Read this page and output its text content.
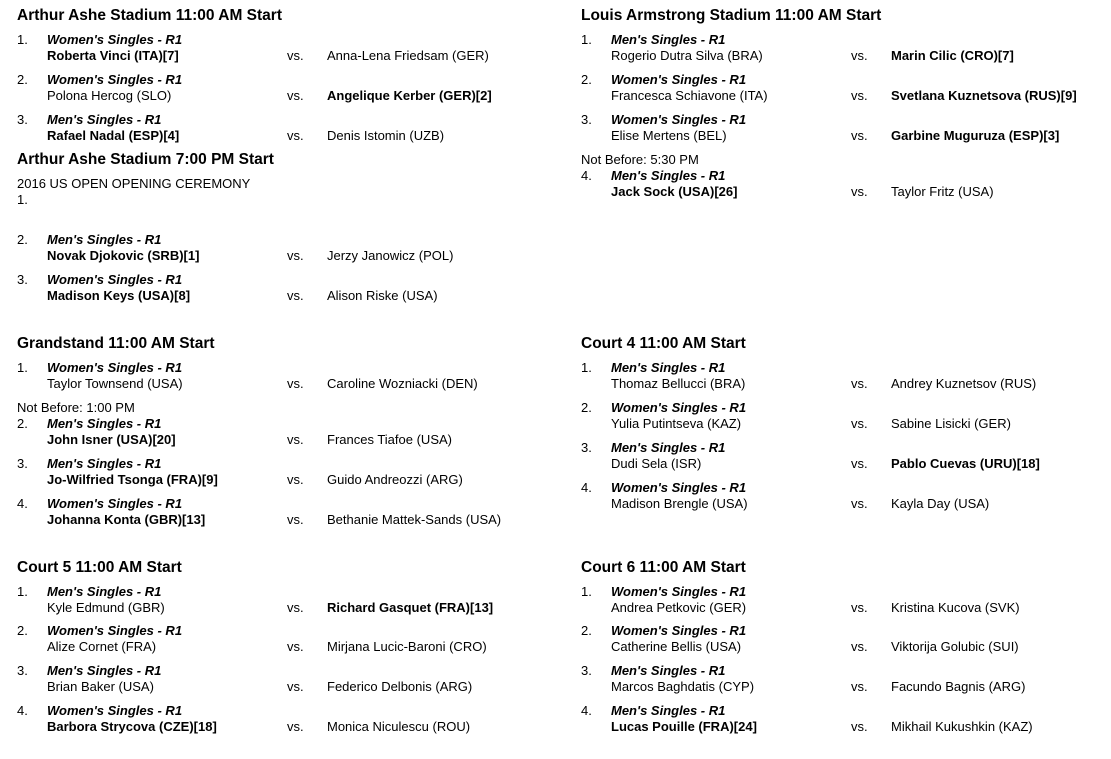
Arthur Ashe Stadium 11:00 AM Start
1. Women's Singles - R1
Roberta Vinci (ITA)[7]	vs. Anna-Lena Friedsam (GER)
2. Women's Singles - R1
Polona Hercog (SLO)	vs. Angelique Kerber (GER)[2]
3. Men's Singles - R1
Rafael Nadal (ESP)[4]	vs. Denis Istomin (UZB)
Arthur Ashe Stadium 7:00 PM Start
2016 US OPEN OPENING CEREMONY
1.
2. Men's Singles - R1
Novak Djokovic (SRB)[1]	vs. Jerzy Janowicz (POL)
3. Women's Singles - R1
Madison Keys (USA)[8]	vs. Alison Riske (USA)
Louis Armstrong Stadium 11:00 AM Start
1. Men's Singles - R1
Rogerio Dutra Silva (BRA)	vs. Marin Cilic (CRO)[7]
2. Women's Singles - R1
Francesca Schiavone (ITA)	vs. Svetlana Kuznetsova (RUS)[9]
3. Women's Singles - R1
Elise Mertens (BEL)	vs. Garbine Muguruza (ESP)[3]
Not Before: 5:30 PM
4. Men's Singles - R1
Jack Sock (USA)[26]	vs. Taylor Fritz (USA)
Grandstand 11:00 AM Start
1. Women's Singles - R1
Taylor Townsend (USA)	vs. Caroline Wozniacki (DEN)
Not Before: 1:00 PM
2. Men's Singles - R1
John Isner (USA)[20]	vs. Frances Tiafoe (USA)
3. Men's Singles - R1
Jo-Wilfried Tsonga (FRA)[9]	vs. Guido Andreozzi (ARG)
4. Women's Singles - R1
Johanna Konta (GBR)[13]	vs. Bethanie Mattek-Sands (USA)
Court 4 11:00 AM Start
1. Men's Singles - R1
Thomaz Bellucci (BRA)	vs. Andrey Kuznetsov (RUS)
2. Women's Singles - R1
Yulia Putintseva (KAZ)	vs. Sabine Lisicki (GER)
3. Men's Singles - R1
Dudi Sela (ISR)	vs. Pablo Cuevas (URU)[18]
4. Women's Singles - R1
Madison Brengle (USA)	vs. Kayla Day (USA)
Court 5 11:00 AM Start
1. Men's Singles - R1
Kyle Edmund (GBR)	vs. Richard Gasquet (FRA)[13]
2. Women's Singles - R1
Alize Cornet (FRA)	vs. Mirjana Lucic-Baroni (CRO)
3. Men's Singles - R1
Brian Baker (USA)	vs. Federico Delbonis (ARG)
4. Women's Singles - R1
Barbora Strycova (CZE)[18]	vs. Monica Niculescu (ROU)
Court 6 11:00 AM Start
1. Women's Singles - R1
Andrea Petkovic (GER)	vs. Kristina Kucova (SVK)
2. Women's Singles - R1
Catherine Bellis (USA)	vs. Viktorija Golubic (SUI)
3. Men's Singles - R1
Marcos Baghdatis (CYP)	vs. Facundo Bagnis (ARG)
4. Men's Singles - R1
Lucas Pouille (FRA)[24]	vs. Mikhail Kukushkin (KAZ)
